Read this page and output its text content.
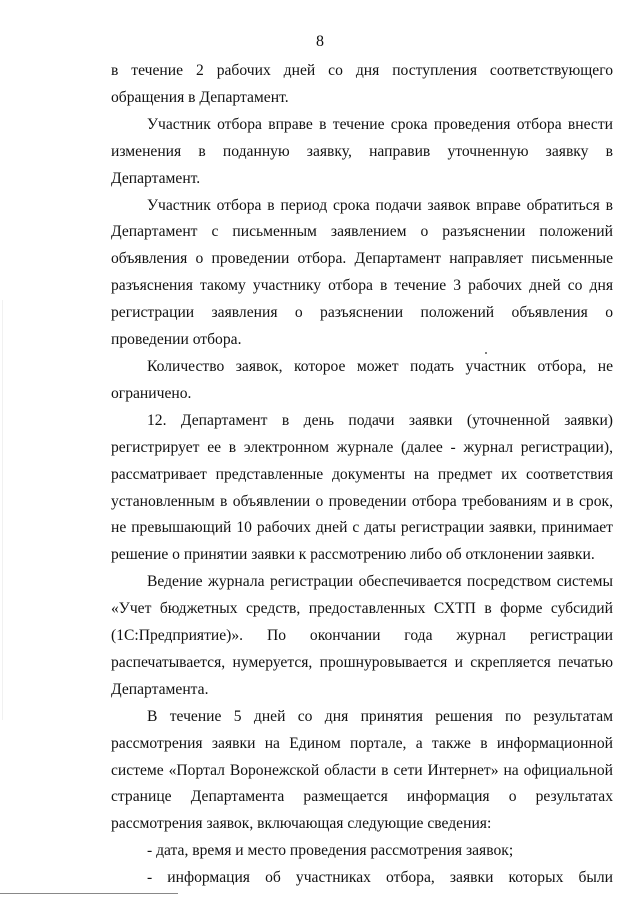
8

в течение 2 рабочих дней со дня поступления соответствующего обращения в Департамент.

Участник отбора вправе в течение срока проведения отбора внести изменения в поданную заявку, направив уточненную заявку в Департамент.

Участник отбора в период срока подачи заявок вправе обратиться в Департамент с письменным заявлением о разъяснении положений объявления о проведении отбора. Департамент направляет письменные разъяснения такому участнику отбора в течение 3 рабочих дней со дня регистрации заявления о разъяснении положений объявления о проведении отбора.

Количество заявок, которое может подать участник отбора, не ограничено.

12. Департамент в день подачи заявки (уточненной заявки) регистрирует ее в электронном журнале (далее - журнал регистрации), рассматривает представленные документы на предмет их соответствия установленным в объявлении о проведении отбора требованиям и в срок, не превышающий 10 рабочих дней с даты регистрации заявки, принимает решение о принятии заявки к рассмотрению либо об отклонении заявки.

Ведение журнала регистрации обеспечивается посредством системы «Учет бюджетных средств, предоставленных СХТП в форме субсидий (1С:Предприятие)». По окончании года журнал регистрации распечатывается, нумеруется, прошнуровывается и скрепляется печатью Департамента.

В течение 5 дней со дня принятия решения по результатам рассмотрения заявки на Едином портале, а также в информационной системе «Портал Воронежской области в сети Интернет» на официальной странице Департамента размещается информация о результатах рассмотрения заявок, включающая следующие сведения:

- дата, время и место проведения рассмотрения заявок;

- информация об участниках отбора, заявки которых были
